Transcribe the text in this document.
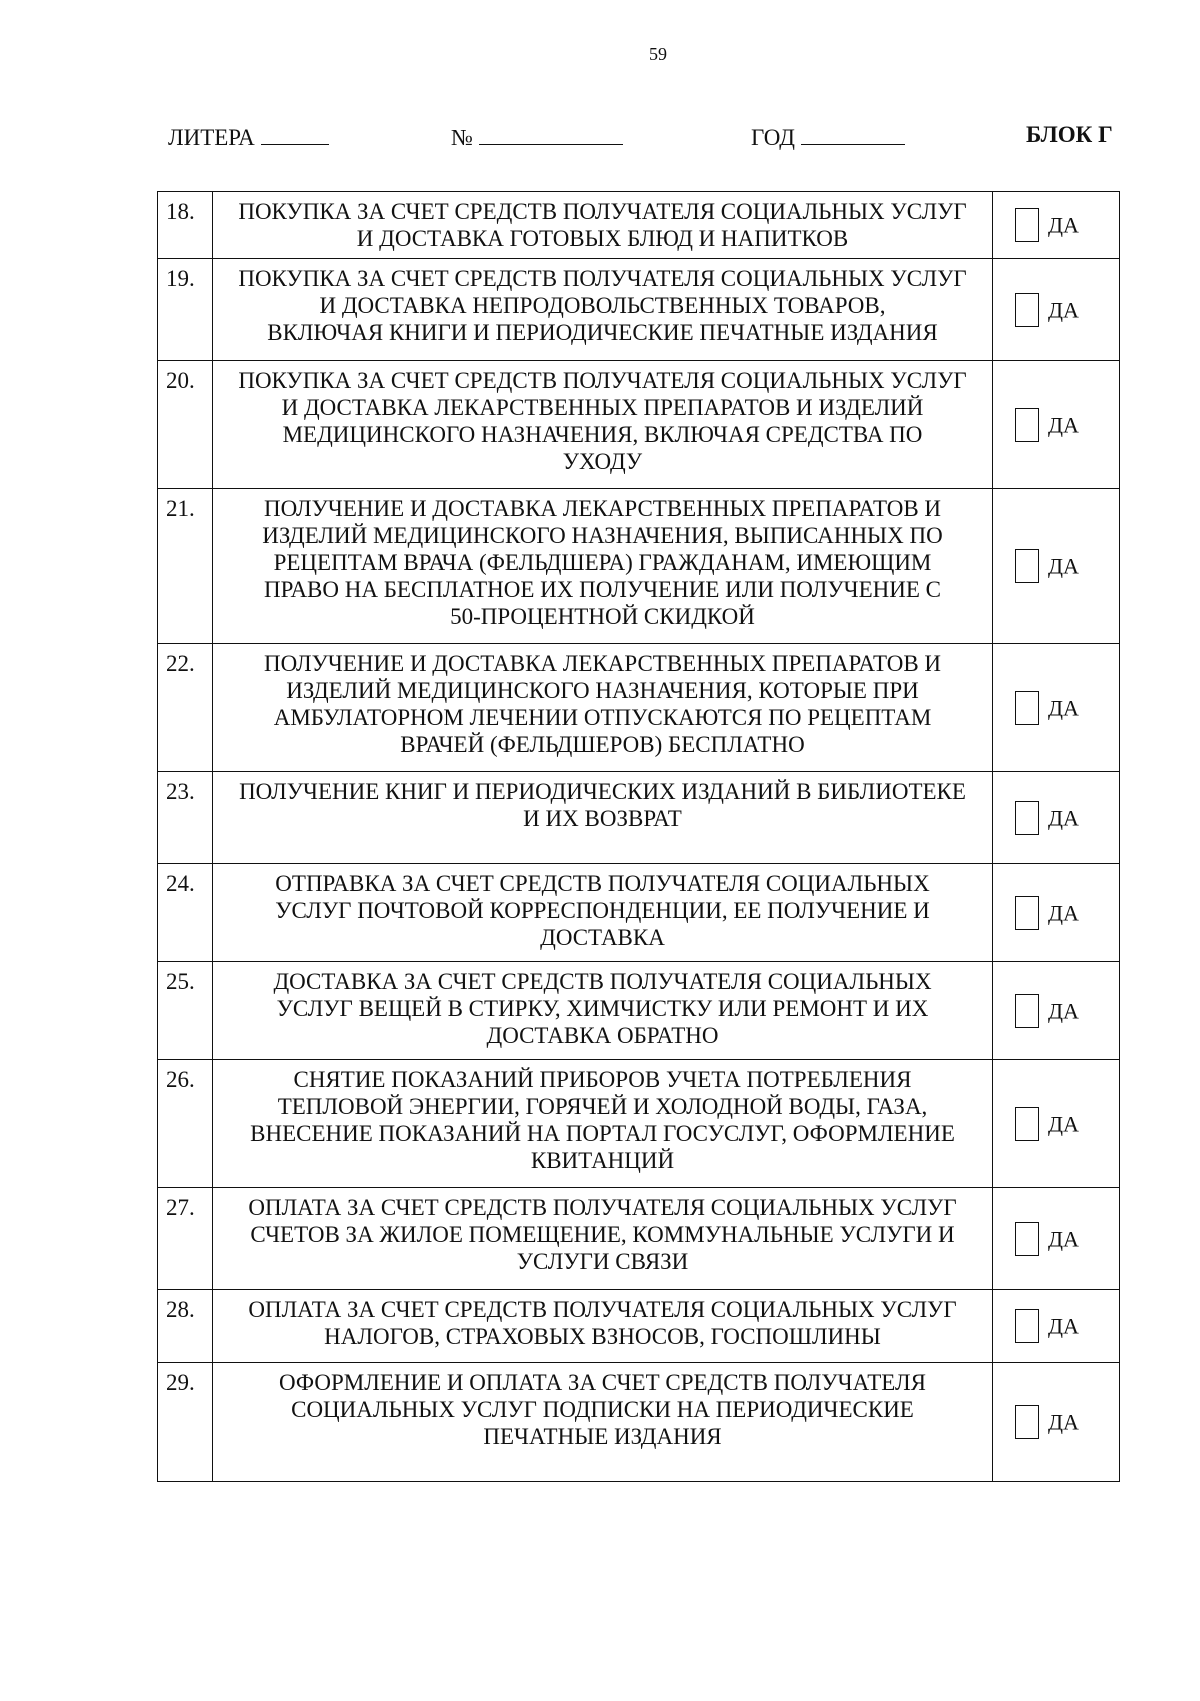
59
ЛИТЕРА	№	ГОД	БЛОК Г
18.	ПОКУПКА ЗА СЧЕТ СРЕДСТВ ПОЛУЧАТЕЛЯ СОЦИАЛЬНЫХ УСЛУГ
И ДОСТАВКА ГОТОВЫХ БЛЮД И НАПИТКОВ	ДА
19.	ПОКУПКА ЗА СЧЕТ СРЕДСТВ ПОЛУЧАТЕЛЯ СОЦИАЛЬНЫХ УСЛУГ
И ДОСТАВКА НЕПРОДОВОЛЬСТВЕННЫХ ТОВАРОВ,
ВКЛЮЧАЯ КНИГИ И ПЕРИОДИЧЕСКИЕ ПЕЧАТНЫЕ ИЗДАНИЯ	ДА
20.	ПОКУПКА ЗА СЧЕТ СРЕДСТВ ПОЛУЧАТЕЛЯ СОЦИАЛЬНЫХ УСЛУГ
И ДОСТАВКА ЛЕКАРСТВЕННЫХ ПРЕПАРАТОВ И ИЗДЕЛИЙ
МЕДИЦИНСКОГО НАЗНАЧЕНИЯ, ВКЛЮЧАЯ СРЕДСТВА ПО
УХОДУ	ДА
21.	ПОЛУЧЕНИЕ И ДОСТАВКА ЛЕКАРСТВЕННЫХ ПРЕПАРАТОВ И
ИЗДЕЛИЙ МЕДИЦИНСКОГО НАЗНАЧЕНИЯ, ВЫПИСАННЫХ ПО
РЕЦЕПТАМ ВРАЧА (ФЕЛЬДШЕРА) ГРАЖДАНАМ, ИМЕЮЩИМ
ПРАВО НА БЕСПЛАТНОЕ ИХ ПОЛУЧЕНИЕ ИЛИ ПОЛУЧЕНИЕ С
50-ПРОЦЕНТНОЙ СКИДКОЙ	ДА
22.	ПОЛУЧЕНИЕ И ДОСТАВКА ЛЕКАРСТВЕННЫХ ПРЕПАРАТОВ И
ИЗДЕЛИЙ МЕДИЦИНСКОГО НАЗНАЧЕНИЯ, КОТОРЫЕ ПРИ
АМБУЛАТОРНОМ ЛЕЧЕНИИ ОТПУСКАЮТСЯ ПО РЕЦЕПТАМ
ВРАЧЕЙ (ФЕЛЬДШЕРОВ) БЕСПЛАТНО	ДА
23.	ПОЛУЧЕНИЕ КНИГ И ПЕРИОДИЧЕСКИХ ИЗДАНИЙ В БИБЛИОТЕКЕ
И ИХ ВОЗВРАТ	ДА
24.	ОТПРАВКА ЗА СЧЕТ СРЕДСТВ ПОЛУЧАТЕЛЯ СОЦИАЛЬНЫХ
УСЛУГ ПОЧТОВОЙ КОРРЕСПОНДЕНЦИИ, ЕЕ ПОЛУЧЕНИЕ И
ДОСТАВКА	ДА
25.	ДОСТАВКА ЗА СЧЕТ СРЕДСТВ ПОЛУЧАТЕЛЯ СОЦИАЛЬНЫХ
УСЛУГ ВЕЩЕЙ В СТИРКУ, ХИМЧИСТКУ ИЛИ РЕМОНТ И ИХ
ДОСТАВКА ОБРАТНО	ДА
26.	СНЯТИЕ ПОКАЗАНИЙ ПРИБОРОВ УЧЕТА ПОТРЕБЛЕНИЯ
ТЕПЛОВОЙ ЭНЕРГИИ, ГОРЯЧЕЙ И ХОЛОДНОЙ ВОДЫ, ГАЗА,
ВНЕСЕНИЕ ПОКАЗАНИЙ НА ПОРТАЛ ГОСУСЛУГ, ОФОРМЛЕНИЕ
КВИТАНЦИЙ	ДА
27.	ОПЛАТА ЗА СЧЕТ СРЕДСТВ ПОЛУЧАТЕЛЯ СОЦИАЛЬНЫХ УСЛУГ
СЧЕТОВ ЗА ЖИЛОЕ ПОМЕЩЕНИЕ, КОММУНАЛЬНЫЕ УСЛУГИ И
УСЛУГИ СВЯЗИ	ДА
28.	ОПЛАТА ЗА СЧЕТ СРЕДСТВ ПОЛУЧАТЕЛЯ СОЦИАЛЬНЫХ УСЛУГ
НАЛОГОВ, СТРАХОВЫХ ВЗНОСОВ, ГОСПОШЛИНЫ	ДА
29.	ОФОРМЛЕНИЕ И ОПЛАТА ЗА СЧЕТ СРЕДСТВ ПОЛУЧАТЕЛЯ
СОЦИАЛЬНЫХ УСЛУГ ПОДПИСКИ НА ПЕРИОДИЧЕСКИЕ
ПЕЧАТНЫЕ ИЗДАНИЯ	ДА
